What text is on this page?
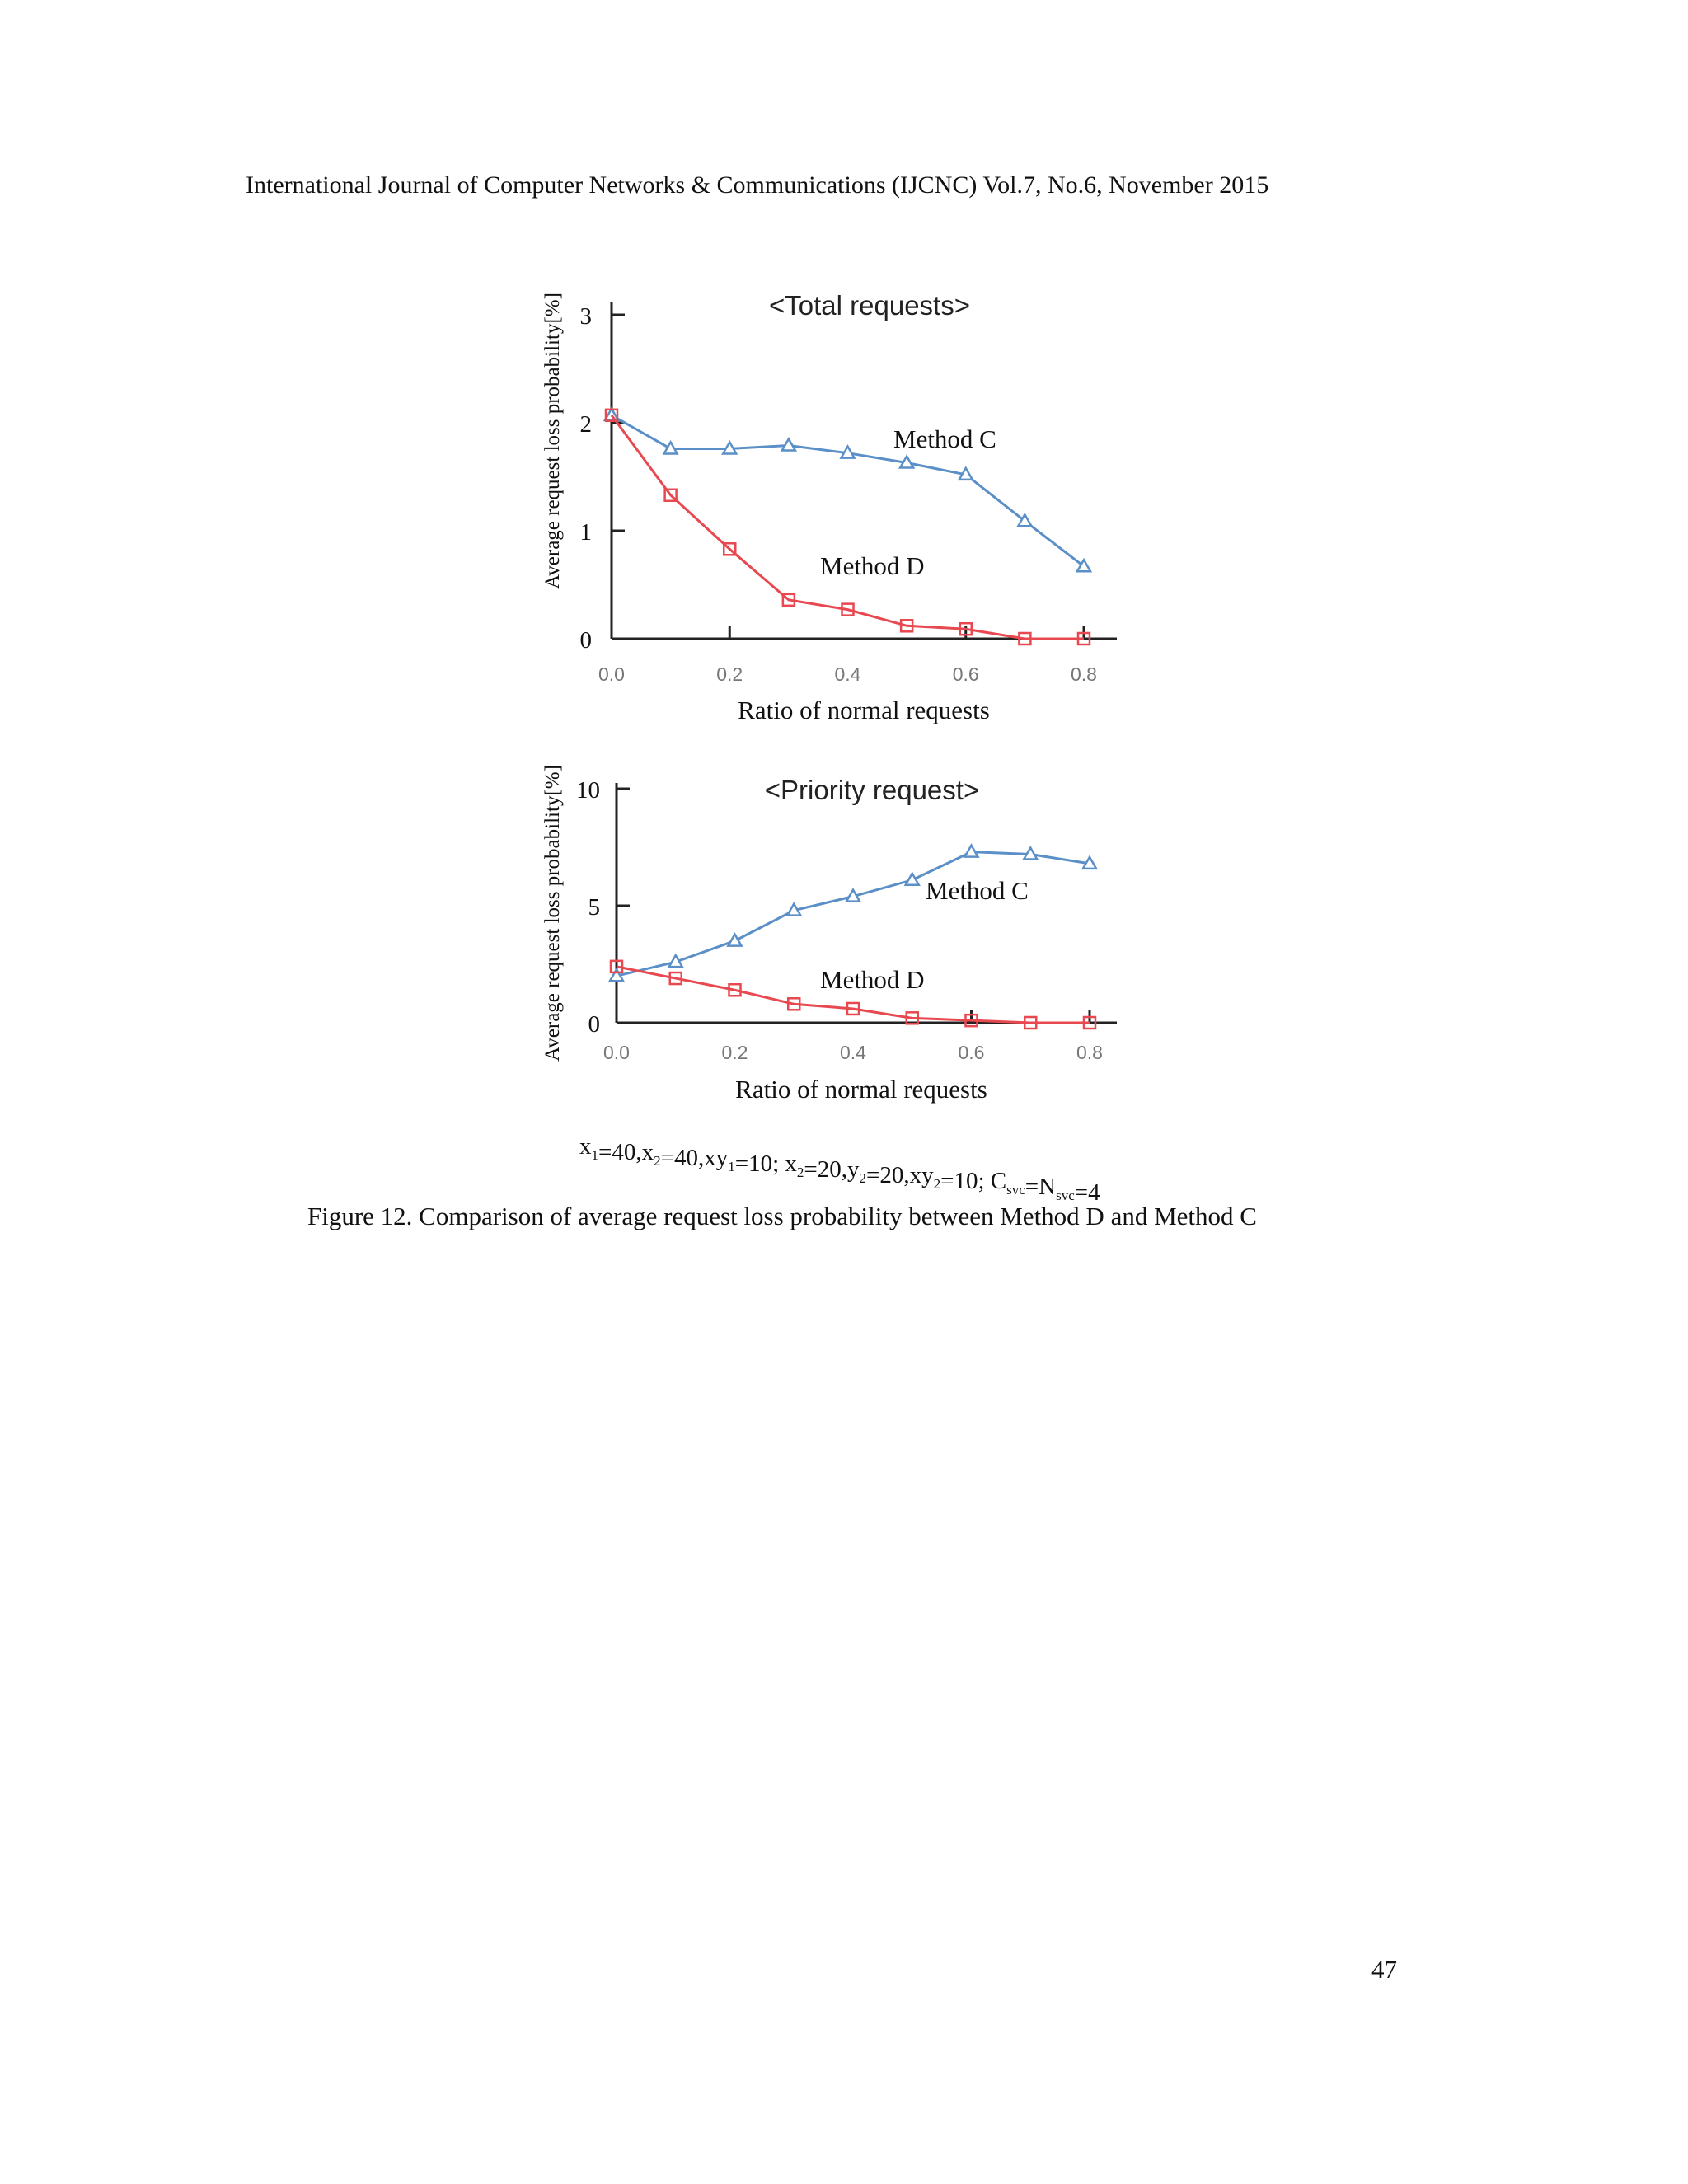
International Journal of Computer Networks & Communications (IJCNC) Vol.7, No.6, November 2015
Average request loss probability[%]	<Total requests>
0
1
2
3
0.0	0.2	0.4	0.6	0.8
Method C
Method D
Ratio of normal requests
Average request loss probability[%]	<Priority request>
0
5
10
0.0	0.2	0.4	0.6	0.8
Method C
Method D
Ratio of normal requests
$x_1=40,x_2=40,xy_1=10$; $x_2=20,y_2=20,xy_2=10$; $C_{svc}=N_{svc}=4$
Figure 12. Comparison of average request loss probability between Method D and Method C
47
